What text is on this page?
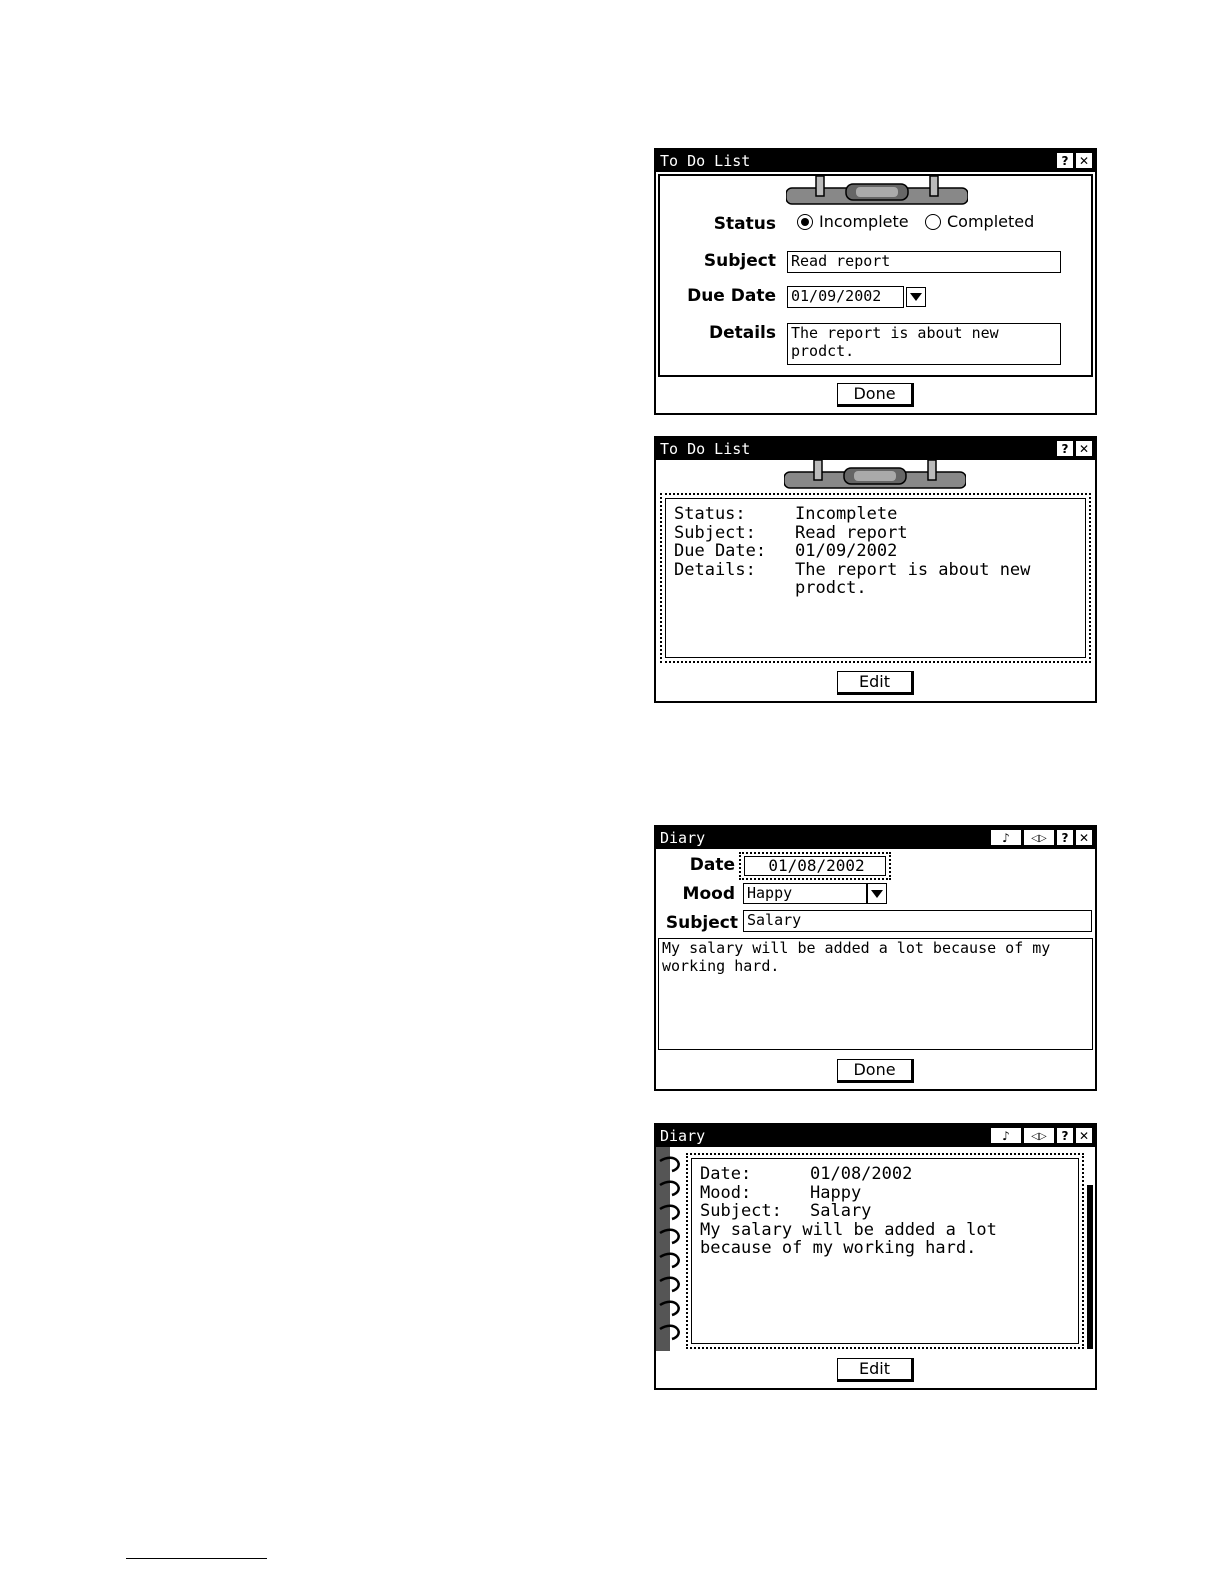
To Do List	? ✕
Status	Incomplete Completed
Subject Read report
Due Date 01/09/2002
Details The report is about new prodct.
Done
To Do List	? ✕
Status:	Incomplete
Subject:	Read report
Due Date:	01/09/2002
Details:	The report is about new
prodct.
Edit
Diary	♪	◁▷	? ✕
Date	01/08/2002
Mood Happy
Subject Salary
My salary will be added a lot because of my working hard.
Done
Diary	♪	◁▷	? ✕
Date:	01/08/2002
Mood:	Happy
Subject:	Salary
My salary will be added a lot
because of my working hard.
Edit
